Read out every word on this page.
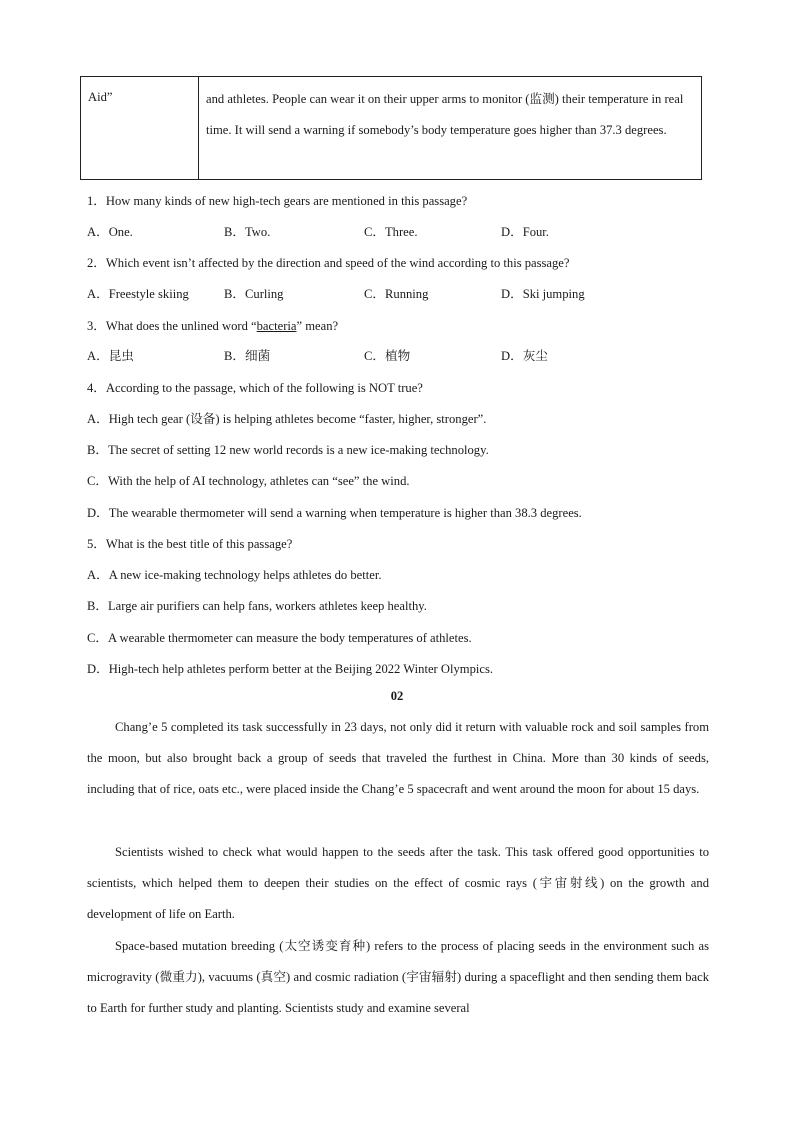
Aid”	and athletes. People can wear it on their upper arms to monitor (监测) their temperature in real time. It will send a warning if somebody’s body temperature goes higher than 37.3 degrees.
1．How many kinds of new high-tech gears are mentioned in this passage?
A．One.	B．Two.	C．Three.	D．Four.
2．Which event isn’t affected by the direction and speed of the wind according to this passage?
A．Freestyle skiing	B．Curling	C．Running	D．Ski jumping
3．What does the unlined word “bacteria” mean?
A．昆虫	B．细菌	C．植物	D．灰尘
4．According to the passage, which of the following is NOT true?
A．High tech gear (设备) is helping athletes become “faster, higher, stronger”.
B．The secret of setting 12 new world records is a new ice-making technology.
C．With the help of AI technology, athletes can “see” the wind.
D．The wearable thermometer will send a warning when temperature is higher than 38.3 degrees.
5．What is the best title of this passage?
A．A new ice-making technology helps athletes do better.
B．Large air purifiers can help fans, workers athletes keep healthy.
C．A wearable thermometer can measure the body temperatures of athletes.
D．High-tech help athletes perform better at the Beijing 2022 Winter Olympics.
02
Chang’e 5 completed its task successfully in 23 days, not only did it return with valuable rock and soil samples from the moon, but also brought back a group of seeds that traveled the furthest in China. More than 30 kinds of seeds, including that of rice, oats etc., were placed inside the Chang’e 5 spacecraft and went around the moon for about 15 days.
Scientists wished to check what would happen to the seeds after the task. This task offered good opportunities to scientists, which helped them to deepen their studies on the effect of cosmic rays (宇宙射线) on the growth and development of life on Earth.
Space-based mutation breeding (太空诱变育种) refers to the process of placing seeds in the environment such as microgravity (微重力), vacuums (真空) and cosmic radiation (宇宙辐射) during a spaceflight and then sending them back to Earth for further study and planting. Scientists study and examine several
